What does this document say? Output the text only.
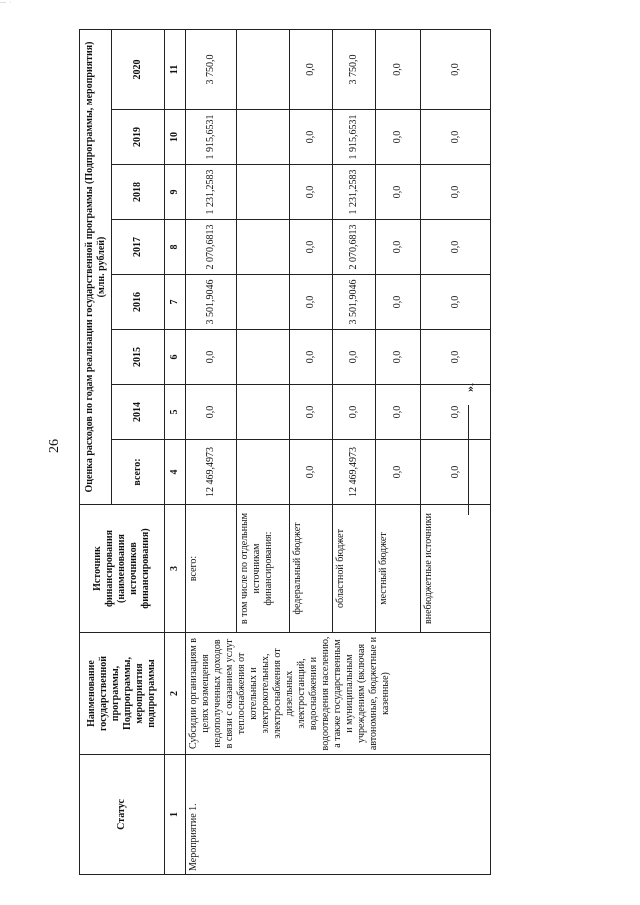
— ·
26
».
Статус	Наименование государственной программы, Подпрограммы, мероприятия подпрограммы	Источник финансирования (наименования источников финансирования)	Оценка расходов по годам реализации государственной программы (Подпрограммы, мероприятия) (млн. рублей)							
			всего:	2014	2015	2016	2017	2018	2019	2020
1	2	3	4	5	6	7	8	9	10	11
Мероприятие 1.	Субсидии организациям в целях возмещения недополученных доходов в связи с оказанием услуг теплоснабжения от котельных и электрокотельных, электроснабжения от дизельных электростанций, водоснабжения и водоотведения населению, а также государственным и муниципальным учреждениям (включая автономные, бюджетные и казенные)	всего:	12 469,4973	0,0	0,0	3 501,9046	2 070,6813	1 231,2583	1 915,6531	3 750,0
		в том числе по отдельным источникам финансирования:								
		федеральный бюджет	0,0	0,0	0,0	0,0	0,0	0,0	0,0	0,0
		областной бюджет	12 469,4973	0,0	0,0	3 501,9046	2 070,6813	1 231,2583	1 915,6531	3 750,0
		местный бюджет	0,0	0,0	0,0	0,0	0,0	0,0	0,0	0,0
		внебюджетные источники	0,0	0,0	0,0	0,0	0,0	0,0	0,0	0,0
